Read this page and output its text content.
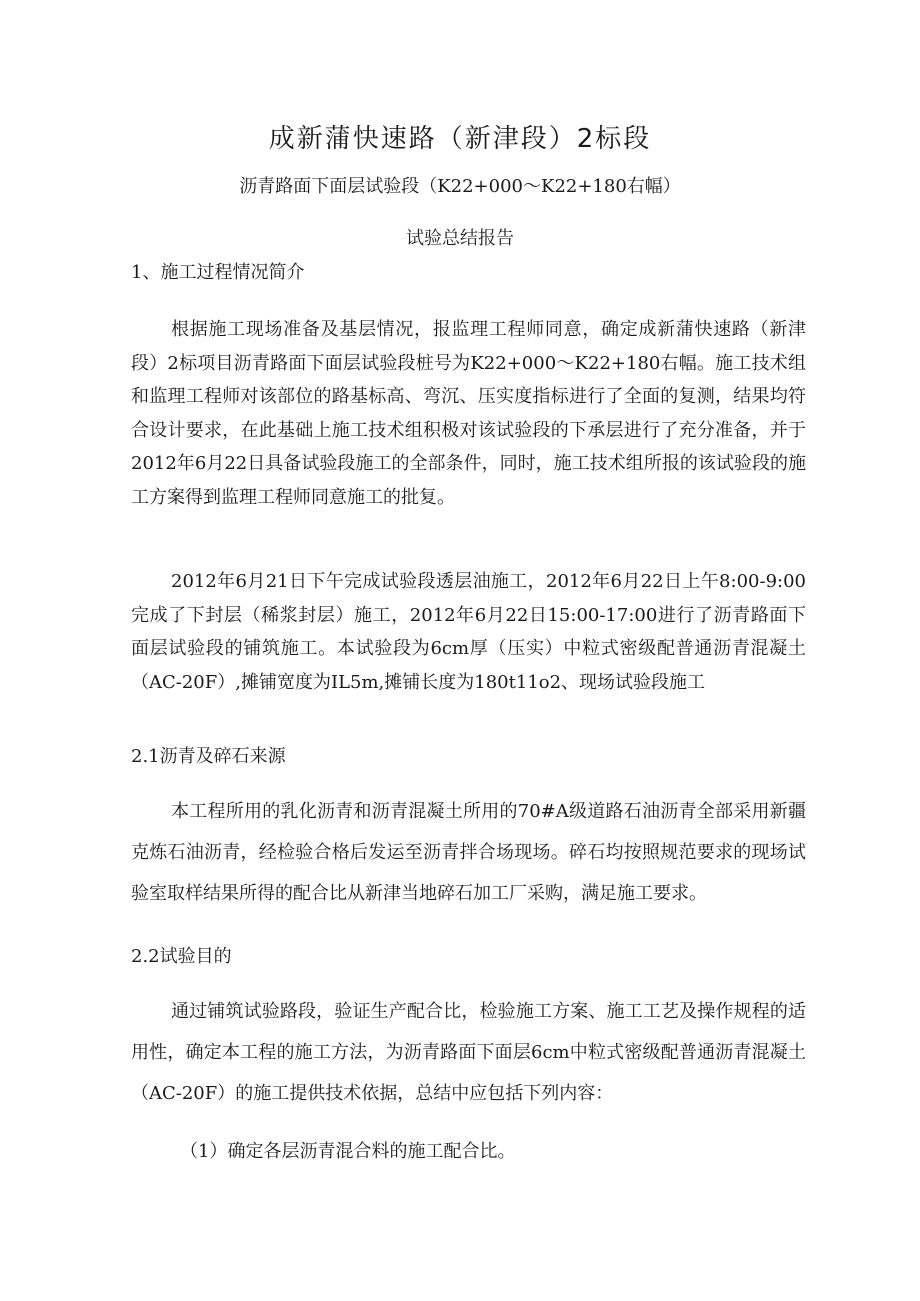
成新蒲快速路（新津段）2标段
沥青路面下面层试验段（K22+000～K22+180右幅）
试验总结报告
1、施工过程情况简介
根据施工现场准备及基层情况，报监理工程师同意，确定成新蒲快速路（新津段）2标项目沥青路面下面层试验段桩号为K22+000～K22+180右幅。施工技术组和监理工程师对该部位的路基标高、弯沉、压实度指标进行了全面的复测，结果均符合设计要求，在此基础上施工技术组积极对该试验段的下承层进行了充分准备，并于2012年6月22日具备试验段施工的全部条件，同时，施工技术组所报的该试验段的施工方案得到监理工程师同意施工的批复。
2012年6月21日下午完成试验段透层油施工，2012年6月22日上午8:00-9:00完成了下封层（稀浆封层）施工，2012年6月22日15:00-17:00进行了沥青路面下面层试验段的铺筑施工。本试验段为6cm厚（压实）中粒式密级配普通沥青混凝土（AC-20F）,摊铺宽度为IL5m,摊铺长度为180t11o2、现场试验段施工
2.1沥青及碎石来源
本工程所用的乳化沥青和沥青混凝土所用的70#A级道路石油沥青全部采用新疆克炼石油沥青，经检验合格后发运至沥青拌合场现场。碎石均按照规范要求的现场试验室取样结果所得的配合比从新津当地碎石加工厂采购，满足施工要求。
2.2试验目的
通过铺筑试验路段，验证生产配合比，检验施工方案、施工工艺及操作规程的适用性，确定本工程的施工方法，为沥青路面下面层6cm中粒式密级配普通沥青混凝土（AC-20F）的施工提供技术依据，总结中应包括下列内容：
（1）确定各层沥青混合料的施工配合比。
